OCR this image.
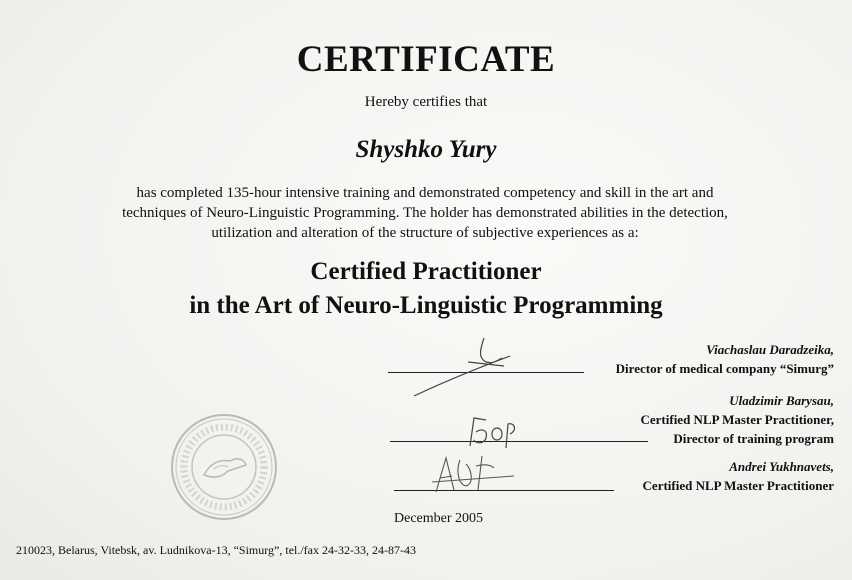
CERTIFICATE
Hereby certifies that
Shyshko Yury
has completed 135-hour intensive training and demonstrated competency and skill in the art and
techniques of Neuro-Linguistic Programming. The holder has demonstrated abilities in the detection,
utilization and alteration of the structure of subjective experiences as a:
Certified Practitioner
in the Art of Neuro-Linguistic Programming
Viachaslau Daradzeika,
Director of medical company “Simurg”
Uladzimir Barysau,
Certified NLP Master Practitioner,
Director of training program
Andrei Yukhnavets,
Certified NLP Master Practitioner
December 2005
210023, Belarus, Vitebsk, av. Ludnikova-13, “Simurg”, tel./fax 24-32-33, 24-87-43
